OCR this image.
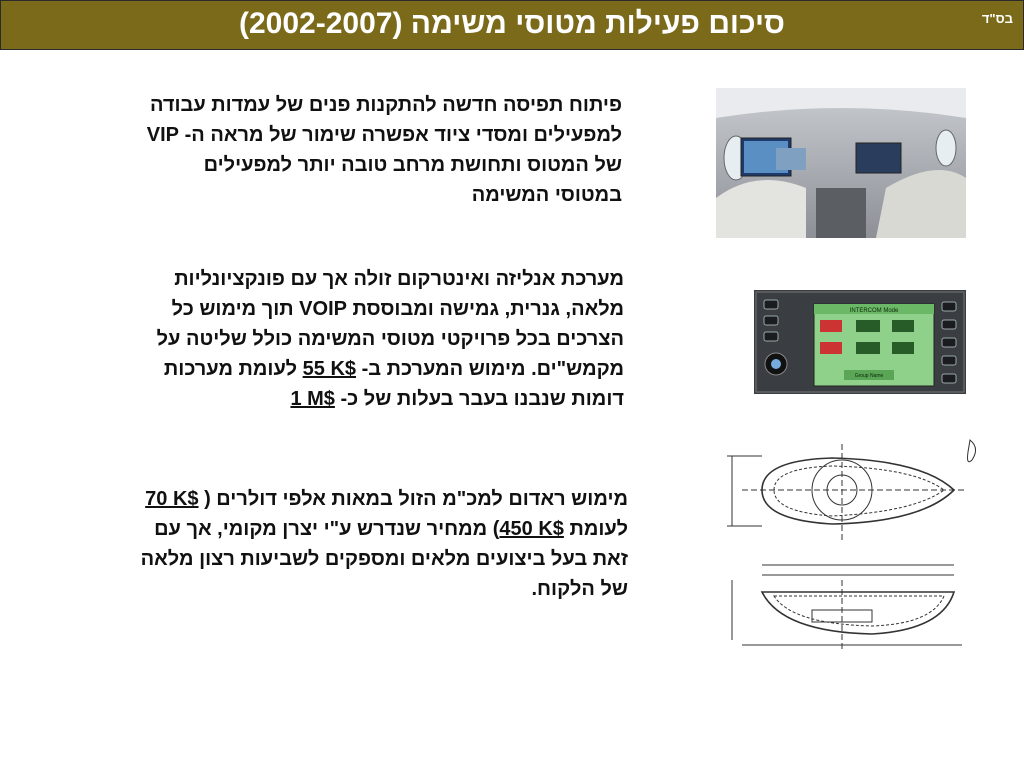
סיכום פעילות מטוסי משימה (2002-2007)	בס"ד
פיתוח תפיסה חדשה להתקנות פנים של עמדות עבודה
למפעילים ומסדי ציוד אפשרה שימור של מראה ה- VIP
של המטוס ותחושת מרחב טובה יותר למפעילים
במטוסי המשימה
מערכת אנליזה ואינטרקום זולה אך עם פונקציונליות
מלאה, גנרית, גמישה ומבוססת VOIP תוך מימוש כל
הצרכים בכל פרויקטי מטוסי המשימה כולל שליטה על
מקמש"ים. מימוש המערכת ב- 55 K$ לעומת מערכות
דומות שנבנו בעבר בעלות של כ- 1 M$
INTERCOM Mode
Group Name
מימוש ראדום למכ"מ הזול במאות אלפי דולרים ( 70 K$
לעומת 450 K$) ממחיר שנדרש ע"י יצרן מקומי, אך עם
זאת בעל ביצועים מלאים ומספקים לשביעות רצון מלאה
של הלקוח.
